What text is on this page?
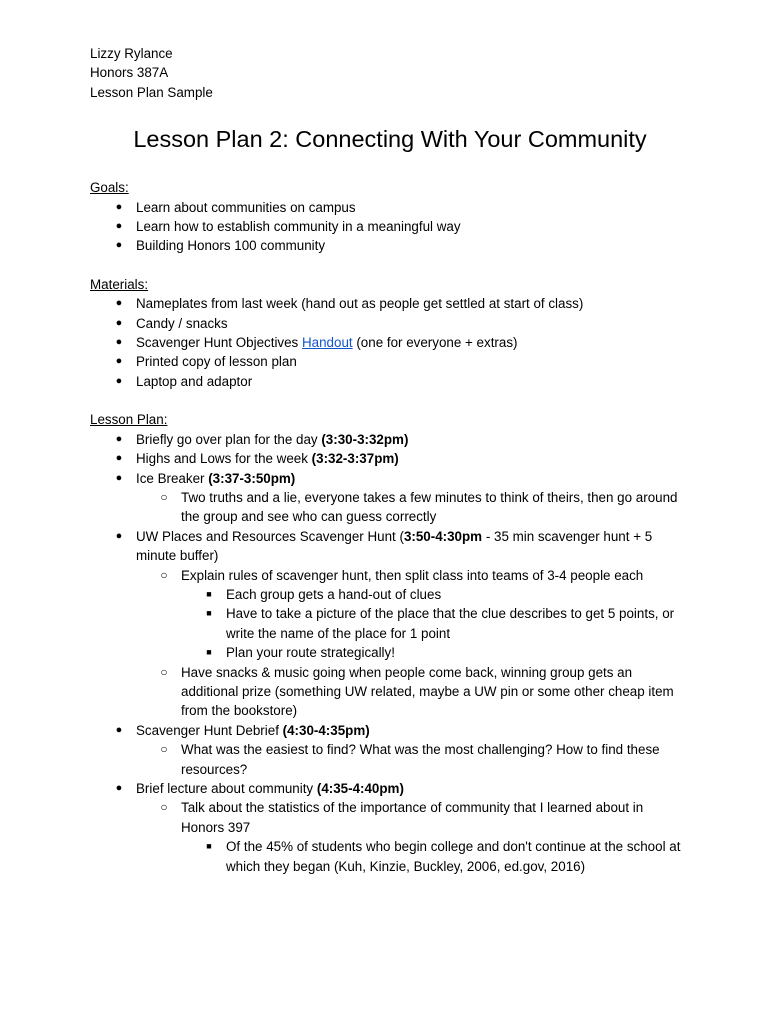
Lizzy Rylance
Honors 387A
Lesson Plan Sample
Lesson Plan 2: Connecting With Your Community
Goals:
● Learn about communities on campus
● Learn how to establish community in a meaningful way
● Building Honors 100 community
Materials:
● Nameplates from last week (hand out as people get settled at start of class)
● Candy / snacks
● Scavenger Hunt Objectives Handout (one for everyone + extras)
● Printed copy of lesson plan
● Laptop and adaptor
Lesson Plan:
● Briefly go over plan for the day (3:30-3:32pm)
● Highs and Lows for the week (3:32-3:37pm)
● Ice Breaker (3:37-3:50pm)
○ Two truths and a lie, everyone takes a few minutes to think of theirs, then go around the group and see who can guess correctly
● UW Places and Resources Scavenger Hunt (3:50-4:30pm - 35 min scavenger hunt + 5 minute buffer)
○ Explain rules of scavenger hunt, then split class into teams of 3-4 people each
■	Each group gets a hand-out of clues
■	Have to take a picture of the place that the clue describes to get 5 points, or write the name of the place for 1 point
■	Plan your route strategically!
○ Have snacks & music going when people come back, winning group gets an additional prize (something UW related, maybe a UW pin or some other cheap item from the bookstore)
● Scavenger Hunt Debrief (4:30-4:35pm)
○ What was the easiest to find? What was the most challenging? How to find these resources?
● Brief lecture about community (4:35-4:40pm)
○ Talk about the statistics of the importance of community that I learned about in Honors 397
■	Of the 45% of students who begin college and don't continue at the school at which they began (Kuh, Kinzie, Buckley, 2006, ed.gov, 2016)
